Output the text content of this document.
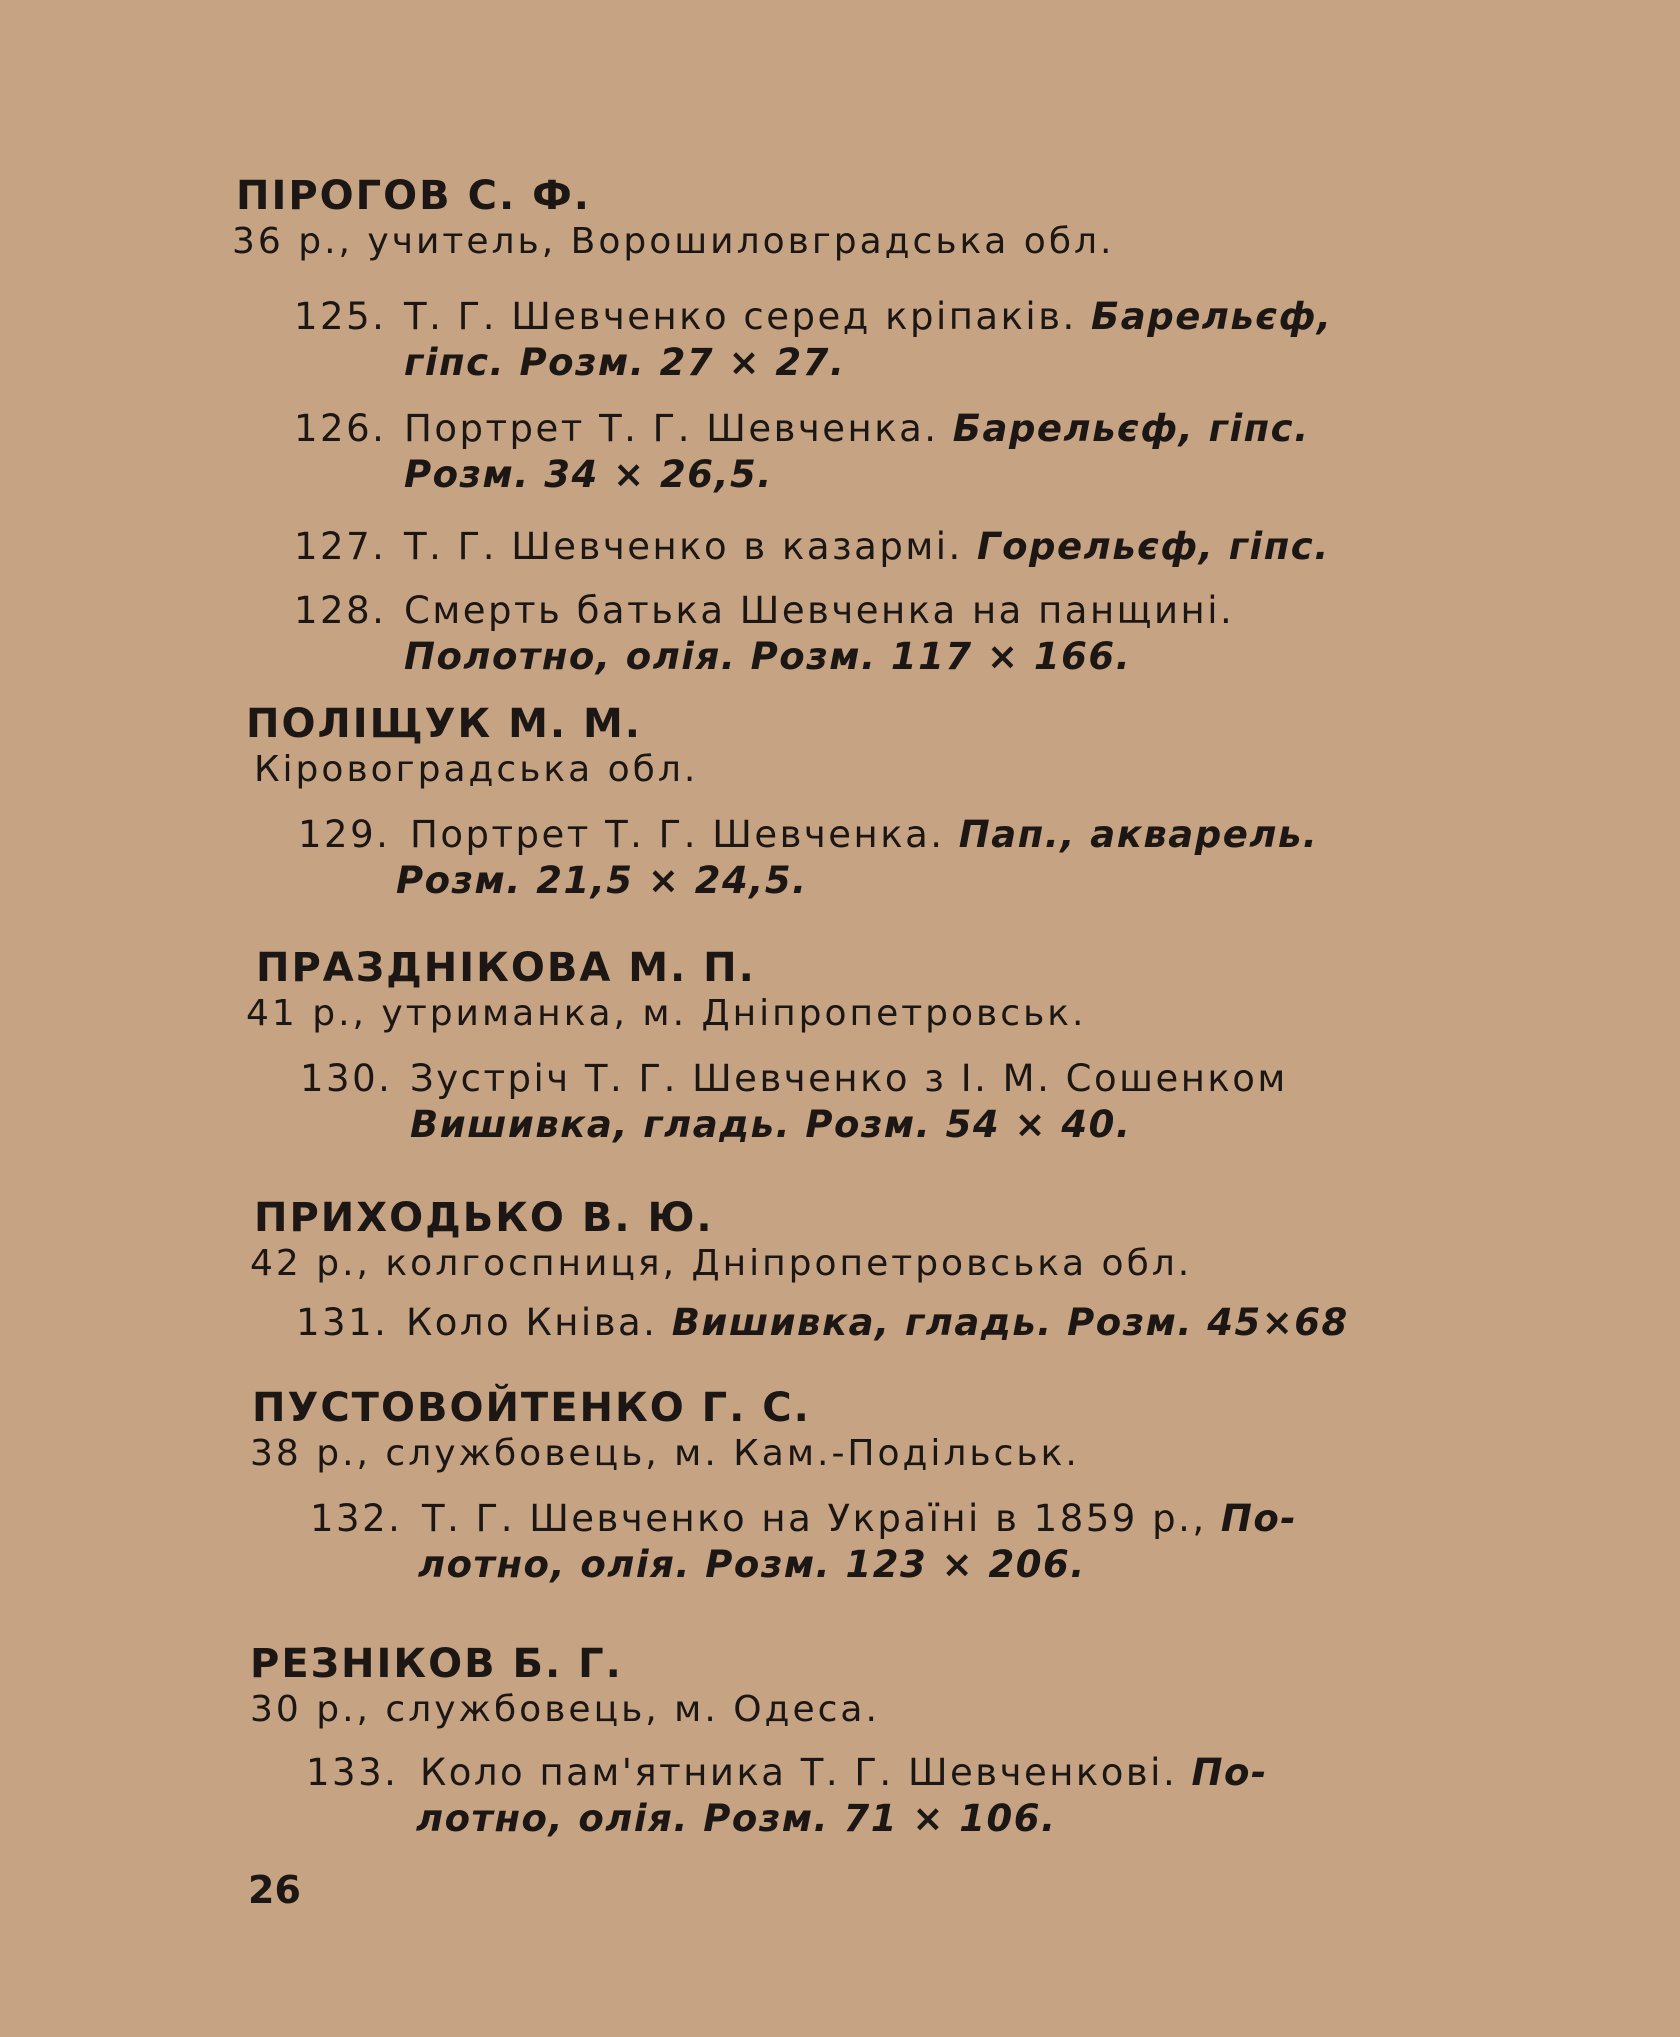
ПІРОГОВ С. Ф.
36 р., учитель, Ворошиловградська обл.
125. Т. Г. Шевченко серед кріпаків. Барельєф,
гіпс. Розм. 27 × 27.
126. Портрет Т. Г. Шевченка. Барельєф, гіпс.
Розм. 34 × 26,5.
127. Т. Г. Шевченко в казармі. Горельєф, гіпс.
128. Смерть батька Шевченка на панщині.
Полотно, олія. Розм. 117 × 166.
ПОЛІЩУК М. М.
Кіровоградська обл.
129. Портрет Т. Г. Шевченка. Пап., акварель.
Розм. 21,5 × 24,5.
ПРАЗДНІКОВА М. П.
41 р., утриманка, м. Дніпропетровськ.
130. Зустріч Т. Г. Шевченко з І. М. Сошенком
Вишивка, гладь. Розм. 54 × 40.
ПРИХОДЬКО В. Ю.
42 р., колгоспниця, Дніпропетровська обл.
131. Коло Кніва. Вишивка, гладь. Розм. 45×68
ПУСТОВОЙТЕНКО Г. С.
38 р., службовець, м. Кам.-Подільськ.
132. Т. Г. Шевченко на Україні в 1859 р., По-
лотно, олія. Розм. 123 × 206.
РЕЗНІКОВ Б. Г.
30 р., службовець, м. Одеса.
133. Коло пам'ятника Т. Г. Шевченкові. По-
лотно, олія. Розм. 71 × 106.
26
